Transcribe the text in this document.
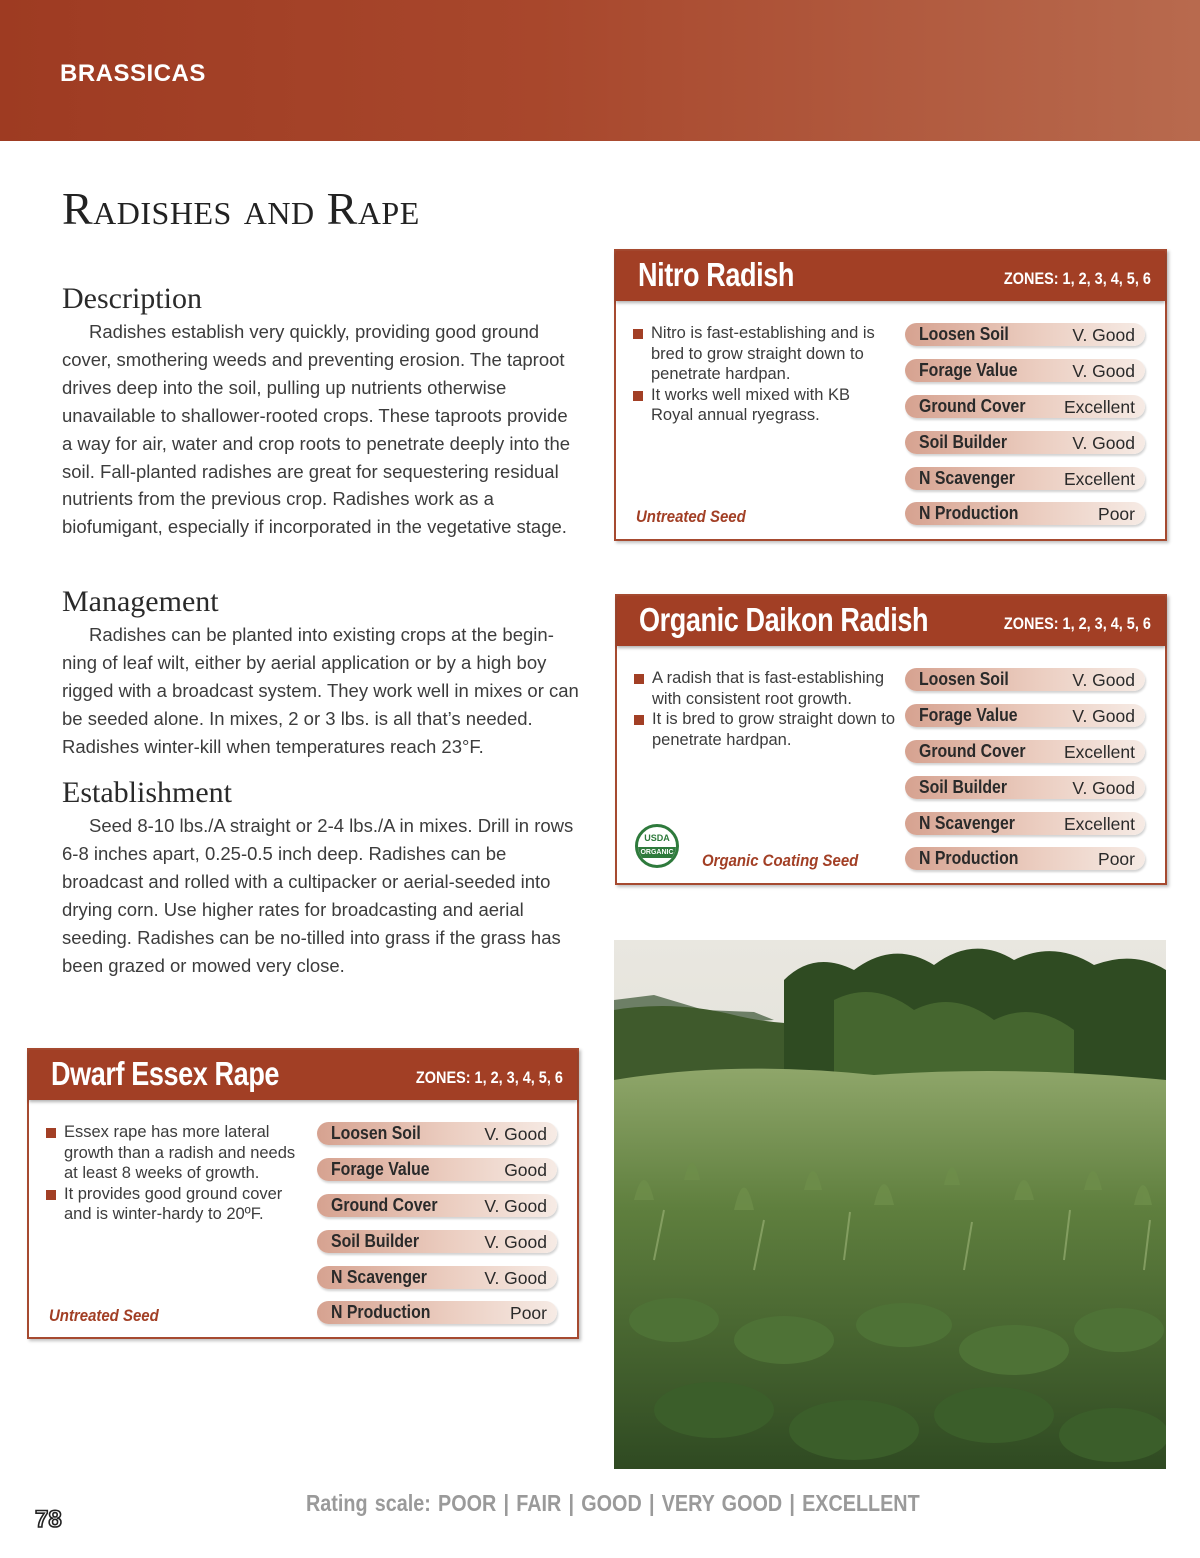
BRASSICAS
Radishes and Rape
Description

Radishes establish very quickly, providing good ground cover, smothering weeds and preventing erosion. The taproot drives deep into the soil, pulling up nutrients otherwise unavailable to shallower-rooted crops. These taproots provide a way for air, water and crop roots to penetrate deeply into the soil. Fall-planted radishes are great for sequestering residual nutrients from the previous crop. Radishes work as a biofumigant, especially if incorporated in the vegetative stage.

Management

Radishes can be planted into existing crops at the begin-ning of leaf wilt, either by aerial application or by a high boy rigged with a broadcast system. They work well in mixes or can be seeded alone. In mixes, 2 or 3 lbs. is all that’s needed. Radishes winter-kill when temperatures reach 23°F.

Establishment

Seed 8-10 lbs./A straight or 2-4 lbs./A in mixes. Drill in rows 6-8 inches apart, 0.25-0.5 inch deep. Radishes can be broadcast and rolled with a cultipacker or aerial-seeded into drying corn. Use higher rates for broadcasting and aerial seeding. Radishes can be no-tilled into grass if the grass has been grazed or mowed very close.

Nitro Radish	ZONES: 1, 2, 3, 4, 5, 6
Nitro is fast-establishing and is bred to grow straight down to penetrate hardpan.
It works well mixed with KB Royal annual ryegrass.
Untreated Seed
Loosen Soil	V. Good
Forage Value	V. Good
Ground Cover Excellent
Soil Builder	V. Good
N Scavenger	Excellent
N Production	Poor
Organic Daikon Radish	ZONES: 1, 2, 3, 4, 5, 6
A radish that is fast-establishing with consistent root growth.
It is bred to grow straight down to penetrate hardpan.
USDA
ORGANIC Organic Coating Seed
Loosen Soil	V. Good
Forage Value	V. Good
Ground Cover Excellent
Soil Builder	V. Good
N Scavenger	Excellent
N Production	Poor
Dwarf Essex Rape	ZONES: 1, 2, 3, 4, 5, 6
Essex rape has more lateral growth than a radish and needs at least 8 weeks of growth.
It provides good ground cover and is winter-hardy to 20ºF.
Untreated Seed
Loosen Soil	V. Good
Forage Value	Good
Ground Cover	V. Good
Soil Builder	V. Good
N Scavenger	V. Good
N Production	Poor
Rating scale: POOR | FAIR | GOOD | VERY GOOD | EXCELLENT
78
